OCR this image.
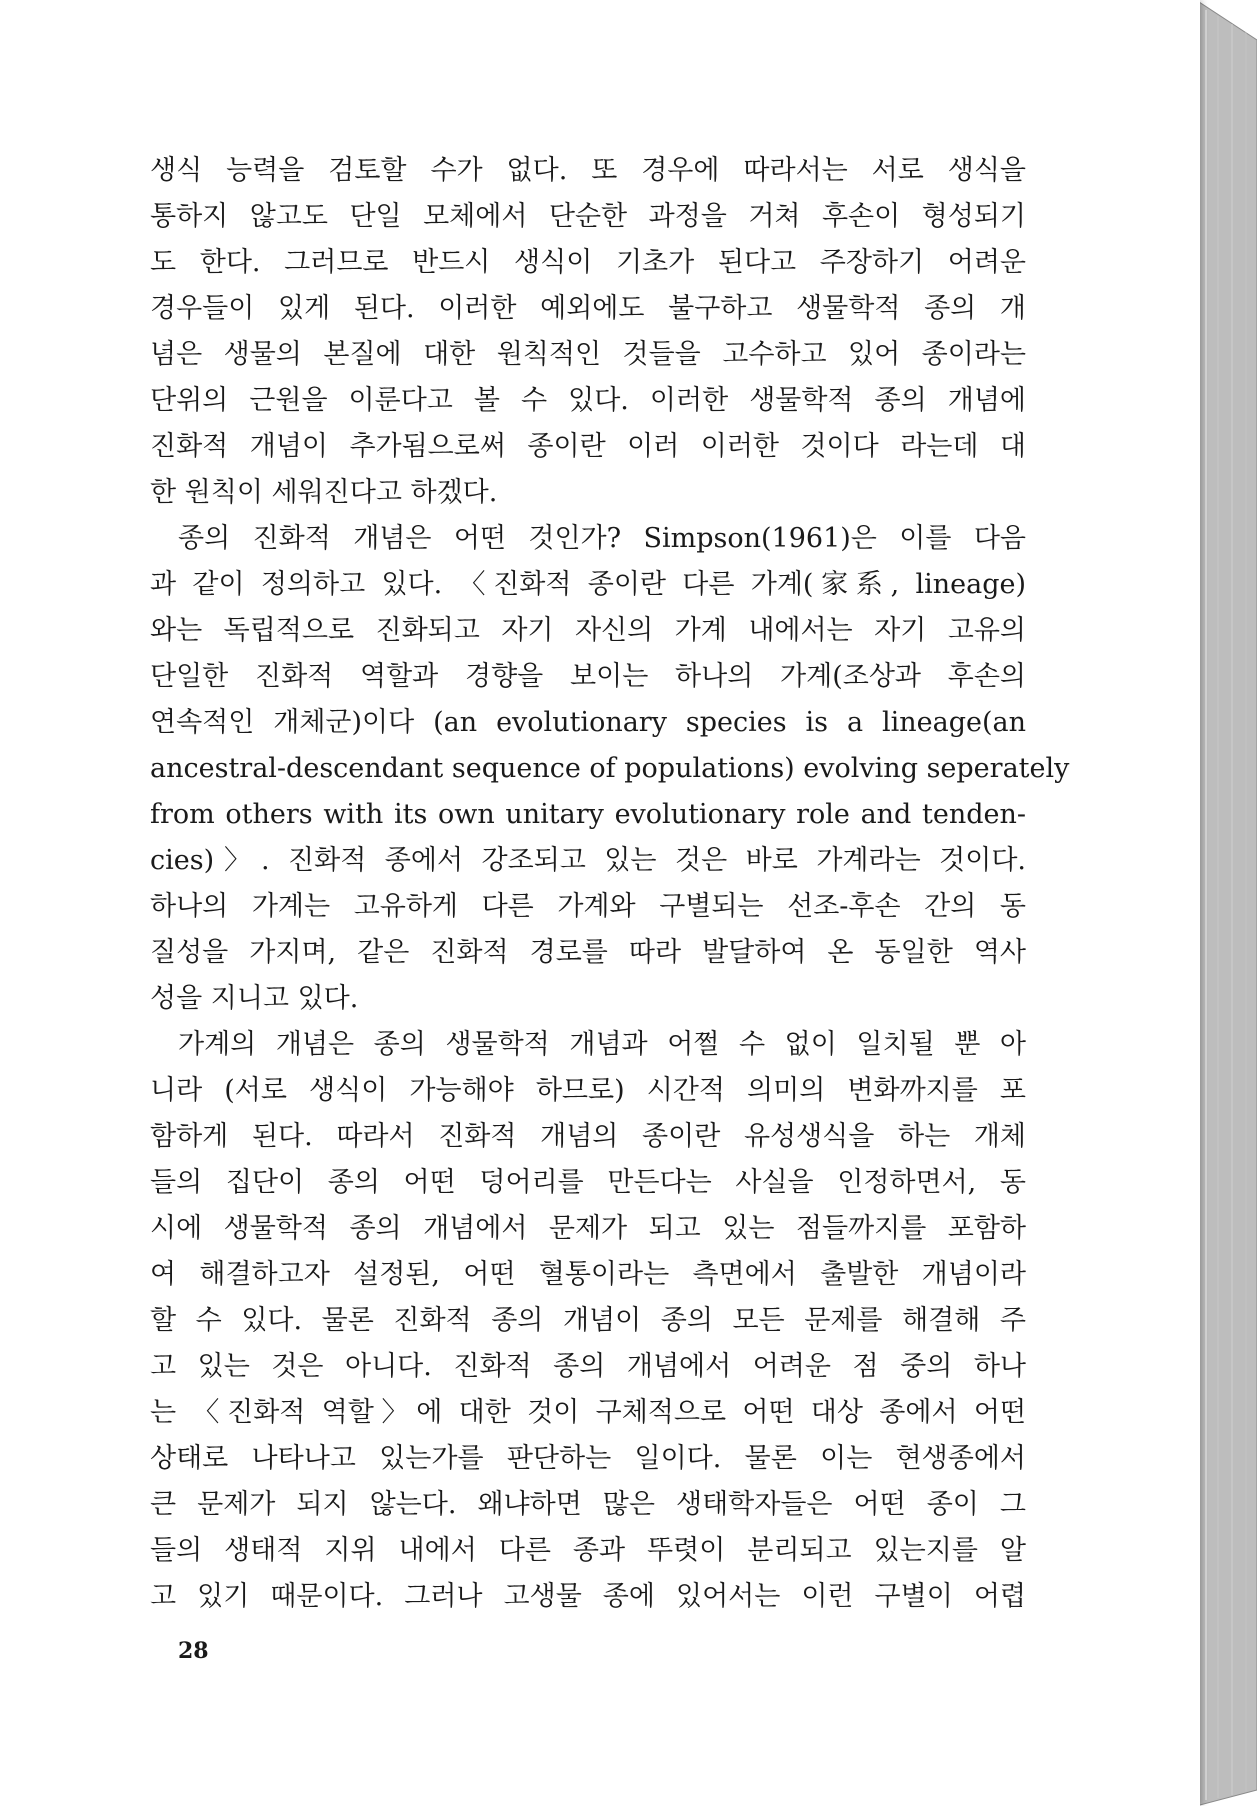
생식 능력을 검토할 수가 없다. 또 경우에 따라서는 서로 생식을
통하지 않고도 단일 모체에서 단순한 과정을 거쳐 후손이 형성되기
도 한다. 그러므로 반드시 생식이 기초가 된다고 주장하기 어려운
경우들이 있게 된다. 이러한 예외에도 불구하고 생물학적 종의 개
념은 생물의 본질에 대한 원칙적인 것들을 고수하고 있어 종이라는
단위의 근원을 이룬다고 볼 수 있다. 이러한 생물학적 종의 개념에
진화적 개념이 추가됨으로써 종이란 이러 이러한 것이다 라는데 대
한 원칙이 세워진다고 하겠다.
종의 진화적 개념은 어떤 것인가? Simpson(1961)은 이를 다음
과 같이 정의하고 있다. 〈진화적 종이란 다른 가계(家系, lineage)
와는 독립적으로 진화되고 자기 자신의 가계 내에서는 자기 고유의
단일한 진화적 역할과 경향을 보이는 하나의 가계(조상과 후손의
연속적인 개체군)이다 (an evolutionary species is a lineage(an
ancestral-descendant sequence of populations) evolving seperately
from others with its own unitary evolutionary role and tenden-
cies)〉. 진화적 종에서 강조되고 있는 것은 바로 가계라는 것이다.
하나의 가계는 고유하게 다른 가계와 구별되는 선조-후손 간의 동
질성을 가지며, 같은 진화적 경로를 따라 발달하여 온 동일한 역사
성을 지니고 있다.
가계의 개념은 종의 생물학적 개념과 어쩔 수 없이 일치될 뿐 아
니라 (서로 생식이 가능해야 하므로) 시간적 의미의 변화까지를 포
함하게 된다. 따라서 진화적 개념의 종이란 유성생식을 하는 개체
들의 집단이 종의 어떤 덩어리를 만든다는 사실을 인정하면서, 동
시에 생물학적 종의 개념에서 문제가 되고 있는 점들까지를 포함하
여 해결하고자 설정된, 어떤 혈통이라는 측면에서 출발한 개념이라
할 수 있다. 물론 진화적 종의 개념이 종의 모든 문제를 해결해 주
고 있는 것은 아니다. 진화적 종의 개념에서 어려운 점 중의 하나
는 〈진화적 역할〉에 대한 것이 구체적으로 어떤 대상 종에서 어떤
상태로 나타나고 있는가를 판단하는 일이다. 물론 이는 현생종에서
큰 문제가 되지 않는다. 왜냐하면 많은 생태학자들은 어떤 종이 그
들의 생태적 지위 내에서 다른 종과 뚜렷이 분리되고 있는지를 알
고 있기 때문이다. 그러나 고생물 종에 있어서는 이런 구별이 어렵
28
